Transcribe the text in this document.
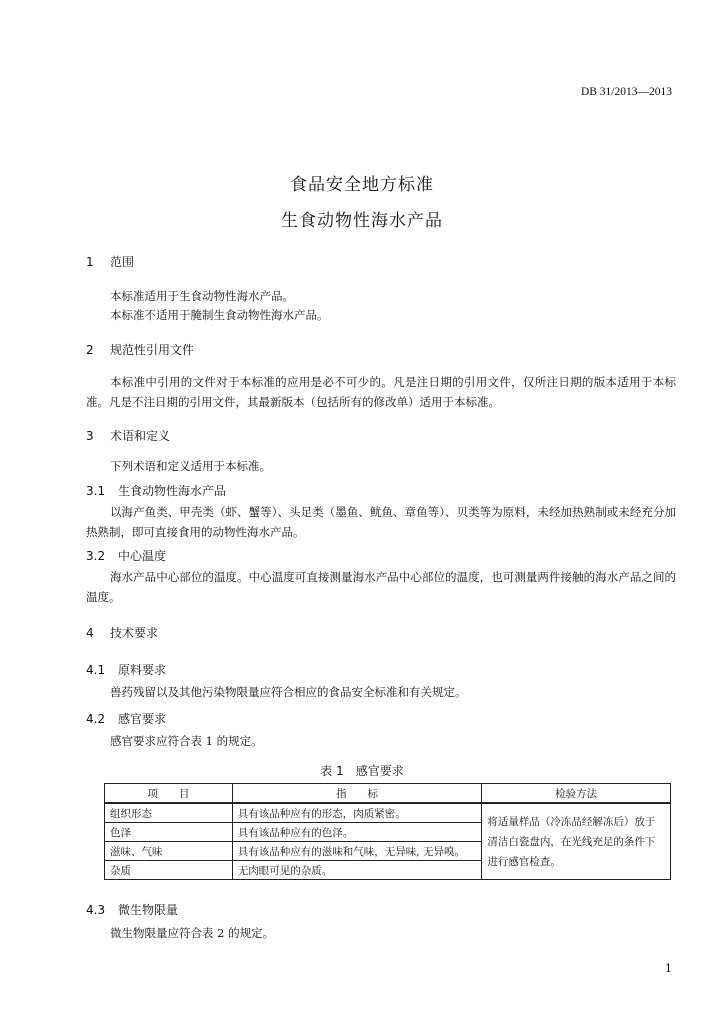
DB 31/2013—2013
食品安全地方标准
生食动物性海水产品
1 范围
本标准适用于生食动物性海水产品。
本标准不适用于腌制生食动物性海水产品。
2 规范性引用文件
本标准中引用的文件对于本标准的应用是必不可少的。凡是注日期的引用文件，仅所注日期的版本适用于本标准。凡是不注日期的引用文件，其最新版本（包括所有的修改单）适用于本标准。
3 术语和定义
下列术语和定义适用于本标准。
3.1 生食动物性海水产品
以海产鱼类、甲壳类（虾、蟹等）、头足类（墨鱼、鱿鱼、章鱼等）、贝类等为原料，未经加热熟制或未经充分加热熟制，即可直接食用的动物性海水产品。
3.2 中心温度
海水产品中心部位的温度。中心温度可直接测量海水产品中心部位的温度，也可测量两件接触的海水产品之间的温度。
4 技术要求
4.1 原料要求
兽药残留以及其他污染物限量应符合相应的食品安全标准和有关规定。
4.2 感官要求
感官要求应符合表 1 的规定。
表 1　感官要求
项　　目	指　　标	检验方法
组织形态	具有该品种应有的形态，肉质紧密。	将适量样品（冷冻品经解冻后）放于清洁白瓷盘内，在光线充足的条件下进行感官检查。
色泽	具有该品种应有的色泽。	
滋味、气味	具有该品种应有的滋味和气味，无异味, 无异嗅。	
杂质	无肉眼可见的杂质。	
4.3 微生物限量
微生物限量应符合表 2 的规定。
1
